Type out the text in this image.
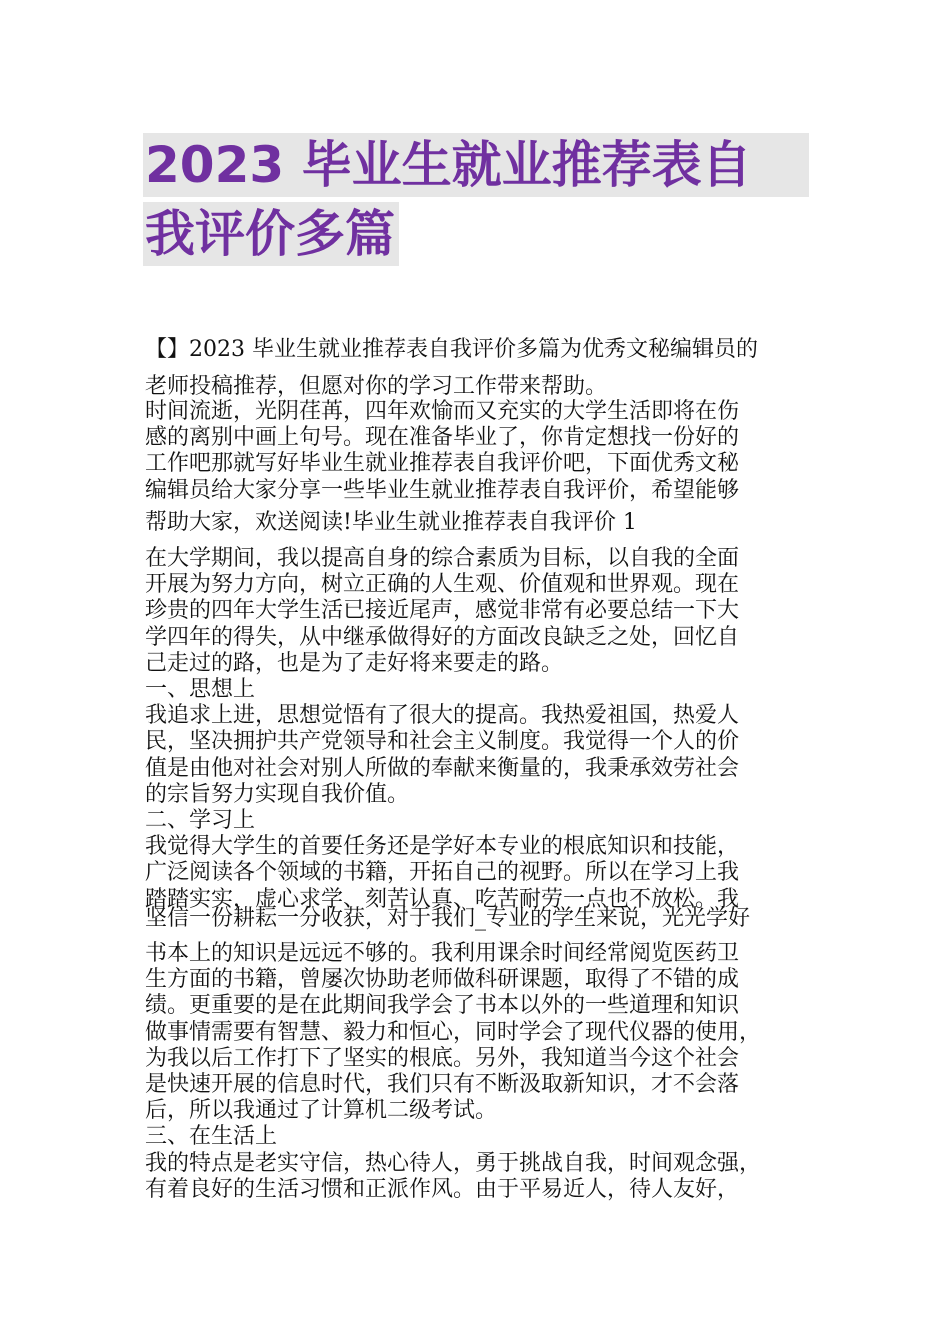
2023 毕业生就业推荐表自
我评价多篇
【】2023 毕业生就业推荐表自我评价多篇为优秀文秘编辑员的
老师投稿推荐，但愿对你的学习工作带来帮助。
时间流逝，光阴荏苒，四年欢愉而又充实的大学生活即将在伤
感的离别中画上句号。现在准备毕业了，你肯定想找一份好的
工作吧那就写好毕业生就业推荐表自我评价吧，下面优秀文秘
编辑员给大家分享一些毕业生就业推荐表自我评价，希望能够
帮助大家，欢送阅读!毕业生就业推荐表自我评价 1
在大学期间，我以提高自身的综合素质为目标，以自我的全面
开展为努力方向，树立正确的人生观、价值观和世界观。现在
珍贵的四年大学生活已接近尾声，感觉非常有必要总结一下大
学四年的得失，从中继承做得好的方面改良缺乏之处，回忆自
己走过的路，也是为了走好将来要走的路。
一、思想上
我追求上进，思想觉悟有了很大的提高。我热爱祖国，热爱人
民，坚决拥护共产党领导和社会主义制度。我觉得一个人的价
值是由他对社会对别人所做的奉献来衡量的，我秉承效劳社会
的宗旨努力实现自我价值。
二、学习上
我觉得大学生的首要任务还是学好本专业的根底知识和技能，
广泛阅读各个领域的书籍，开拓自己的视野。所以在学习上我
踏踏实实，虚心求学、刻苦认真、吃苦耐劳一点也不放松。我
坚信一份耕耘一分收获，对于我们_专业的学生来说，光光学好
书本上的知识是远远不够的。我利用课余时间经常阅览医药卫
生方面的书籍，曾屡次协助老师做科研课题，取得了不错的成
绩。更重要的是在此期间我学会了书本以外的一些道理和知识
做事情需要有智慧、毅力和恒心，同时学会了现代仪器的使用，
为我以后工作打下了坚实的根底。另外，我知道当今这个社会
是快速开展的信息时代，我们只有不断汲取新知识，才不会落
后，所以我通过了计算机二级考试。
三、在生活上
我的特点是老实守信，热心待人，勇于挑战自我，时间观念强，
有着良好的生活习惯和正派作风。由于平易近人，待人友好，
